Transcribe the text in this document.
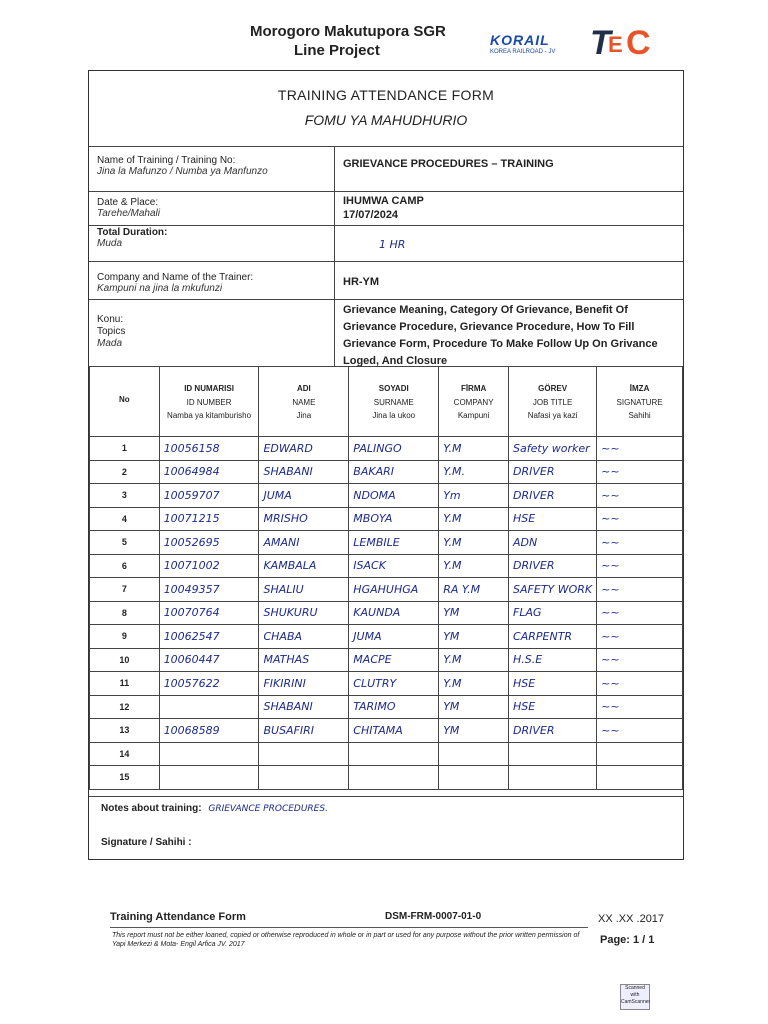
Morogoro Makutupora SGR
Line Project
KORAIL
KOREA RAILROAD - JV T
E C
TRAINING ATTENDANCE FORM
FOMU YA MAHUDHURIO
Name of Training / Training No:
Jina la Mafunzo / Numba ya Manfunzo
GRIEVANCE PROCEDURES – TRAINING
Date & Place:
Tarehe/Mahali
IHUMWA CAMP
17/07/2024
Total Duration:
Muda	1 HR
Company and Name of the Trainer:
Kampuni na jina la mkufunzi
HR-YM
Konu:
Topics
Mada
Grievance Meaning, Category Of Grievance, Benefit Of Grievance Procedure, Grievance Procedure, How To Fill Grievance Form, Procedure To Make Follow Up On Grivance Loged, And Closure
No	ID NUMARISI
ID NUMBER
Namba ya kitamburisho	ADI
NAME
Jina	SOYADI
SURNAME
Jina la ukoo	FİRMA
COMPANY
Kampuni	GÖREV
JOB TITLE
Nafasi ya kazi	İMZA
SIGNATURE
Sahihi

1	10056158	EDWARD	PALINGO	Y.M	Safety worker	~~
2	10064984	SHABANI	BAKARI	Y.M.	DRIVER	~~
3	10059707	JUMA	NDOMA	Ym	DRIVER	~~
4	10071215	MRISHO	MBOYA	Y.M	HSE	~~
5	10052695	AMANI	LEMBILE	Y.M	ADN	~~
6	10071002	KAMBALA	ISACK	Y.M	DRIVER	~~
7	10049357	SHALIU	HGAHUHGA	RA Y.M	SAFETY WORK	~~
8	10070764	SHUKURU	KAUNDA	YM	FLAG	~~
9	10062547	CHABA	JUMA	YM	CARPENTR	~~
10	10060447	MATHAS	MACPE	Y.M	H.S.E	~~
11	10057622	FIKIRINI	CLUTRY	Y.M	HSE	~~
12		SHABANI	TARIMO	YM	HSE	~~
13	10068589	BUSAFIRI	CHITAMA	YM	DRIVER	~~
14						
15						
Notes about training: GRIEVANCE PROCEDURES.
Signature / Sahihi :
Training Attendance Form	DSM-FRM-0007-01-0	XX .XX .2017
This report must not be either loaned, copied or otherwise reproduced in whole or in part or used for any purpose without the prior written permission of Yapi Merkezi & Mota- Engil Arfica JV. 2017	Page: 1 / 1
Scanned with CamScanner
